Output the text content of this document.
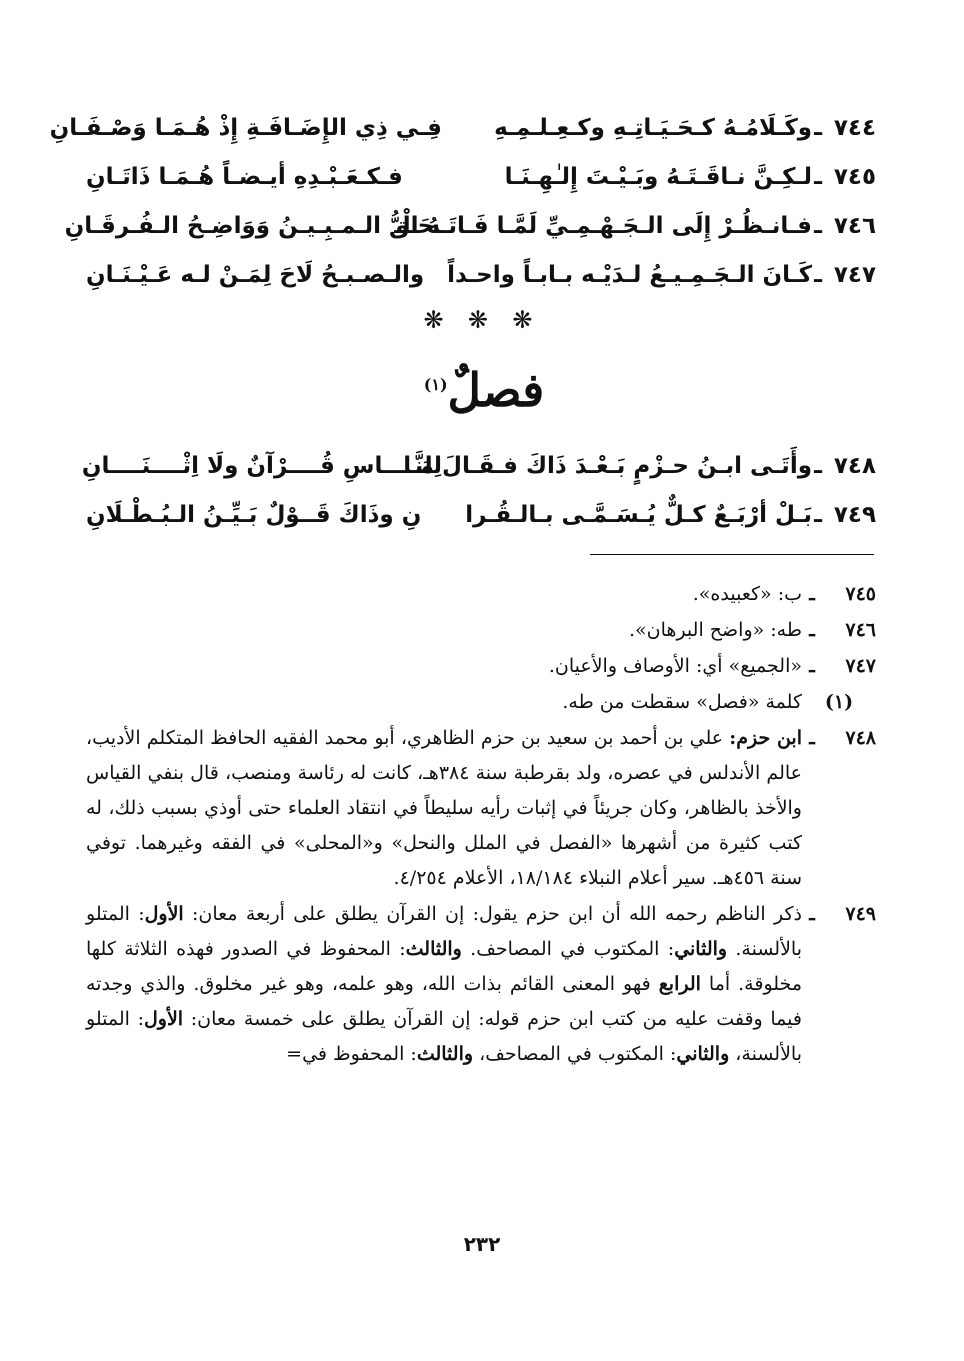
٧٤٤
ـ
وكَـلَامُـهُ كـحَـيَـاتِـهِ وكـعِـلـمِـهِ
فِـي ذِي الإِضَـافَـةِ إِذْ هُـمَـا وَصْـفَـانِ
٧٤٥
ـ
لـكِـنَّ نـاقَـتَـهُ وبَـيْـتَ إِلـٰهِـنَـا
فـكـعَـبْـدِهِ أيـضـاً هُـمَـا ذَاتَـانِ
٧٤٦
ـ
فـانـظُـرْ إِلَى الـجَـهْـمِـيِّ لَمَّـا فَـاتَـهُ الْـ
ـحَـقُّ الـمـبِـيـنُ وَوَاضِـحُ الـفُـرقَـانِ
٧٤٧
ـ
كَـانَ الـجَـمِـيـعُ لـدَيْـه بـابـاً واحـداً
والـصـبـحُ لَاحَ لِمَـنْ لـه عَـيْـنَـانِ
❋ ❋ ❋
فصلٌ$^{(١)}$
٧٤٨
ـ
وأَتَـى ابـنُ حـزْمٍ بَـعْـدَ ذَاكَ فـقَـالَ مَـا
لِلنَّــــاسِ قُــــرْآنٌ ولَا اِثْــــنَــــانِ
٧٤٩
ـ
بَـلْ أرْبَـعٌ كـلٌّ يُـسَـمَّـى بـالـقُـرا
نِ وذَاكَ قَــوْلٌ بَـيِّـنُ الـبُـطْـلَانِ
٧٤٥
ـ
ب: «كعبيده».
٧٤٦
ـ
طه: «واضح البرهان».
٧٤٧
ـ
«الجميع» أي: الأوصاف والأعيان.
(١)
كلمة «فصل» سقطت من طه.
٧٤٨
ـ
ابن حزم: علي بن أحمد بن سعيد بن حزم الظاهري، أبو محمد الفقيه الحافظ المتكلم الأديب، عالم الأندلس في عصره، ولد بقرطبة سنة ٣٨٤هـ، كانت له رئاسة ومنصب، قال بنفي القياس والأخذ بالظاهر، وكان جريئاً في إثبات رأيه سليطاً في انتقاد العلماء حتى أوذي بسبب ذلك، له كتب كثيرة من أشهرها «الفصل في الملل والنحل» و«المحلى» في الفقه وغيرهما. توفي سنة ٤٥٦هـ. سير أعلام النبلاء ١٨/١٨٤، الأعلام ٤/٢٥٤.
٧٤٩
ـ
ذكر الناظم رحمه الله أن ابن حزم يقول: إن القرآن يطلق على أربعة معان: الأول: المتلو بالألسنة. والثاني: المكتوب في المصاحف. والثالث: المحفوظ في الصدور فهذه الثلاثة كلها مخلوقة. أما الرابع فهو المعنى القائم بذات الله، وهو علمه، وهو غير مخلوق. والذي وجدته فيما وقفت عليه من كتب ابن حزم قوله: إن القرآن يطلق على خمسة معان: الأول: المتلو بالألسنة، والثاني: المكتوب في المصاحف، والثالث: المحفوظ في=
٢٣٢
